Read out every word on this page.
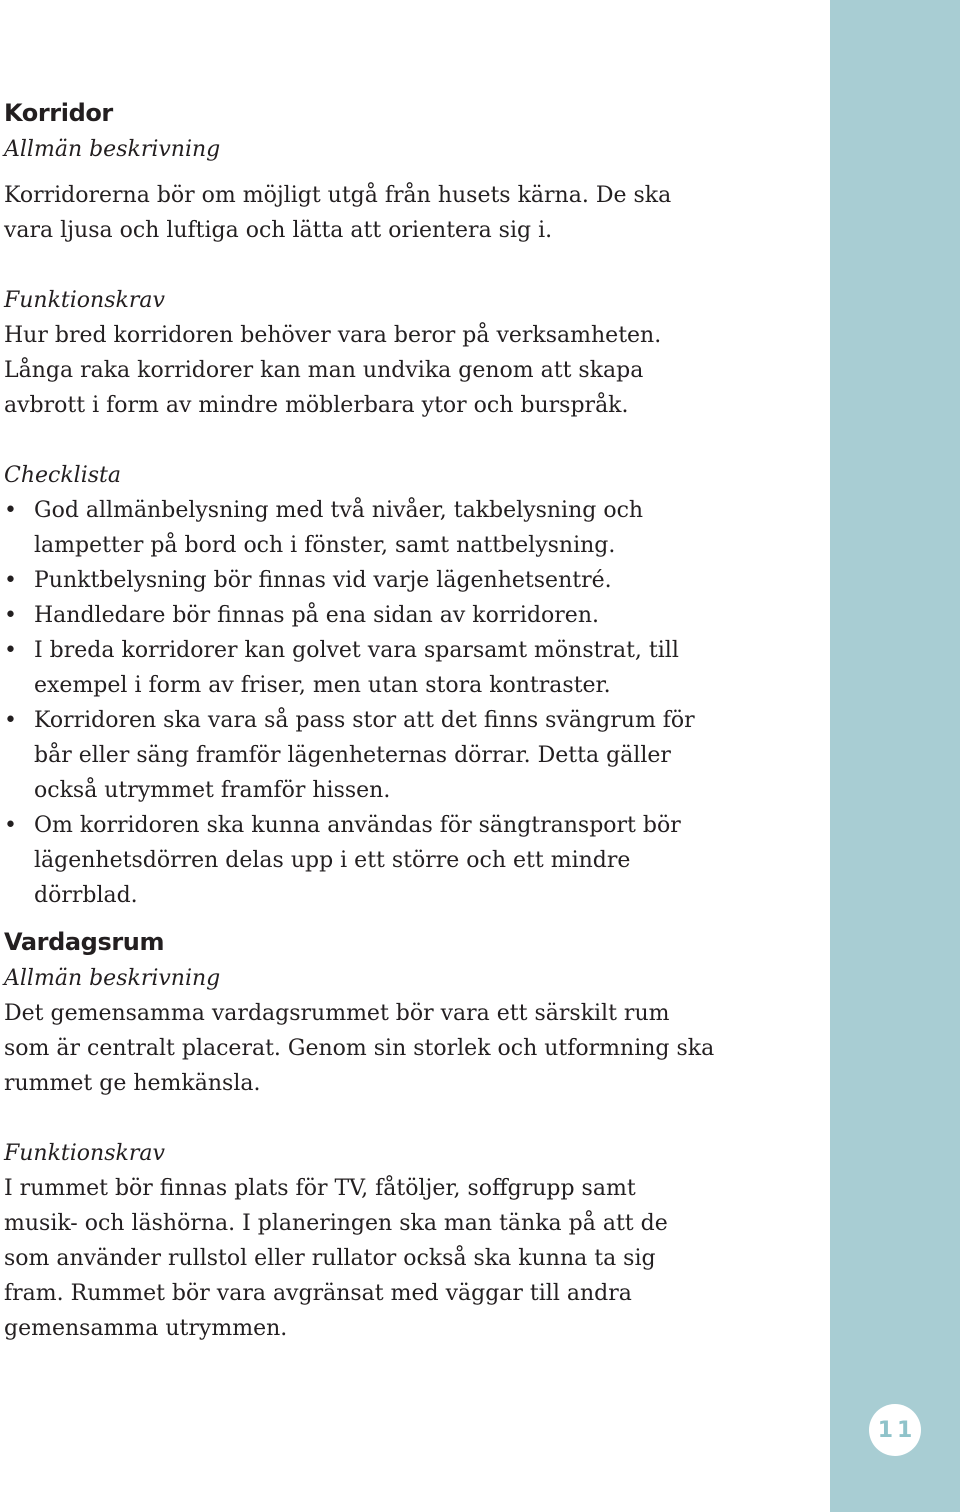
Korridor
Allmän beskrivning

Korridorerna bör om möjligt utgå från husets kärna. De ska
vara ljusa och luftiga och lätta att orientera sig i.

Funktionskrav

Hur bred korridoren behöver vara beror på verksamheten.
Långa raka korridorer kan man undvika genom att skapa
avbrott i form av mindre möblerbara ytor och burspråk.

Checklista
• God allmänbelysning med två nivåer, takbelysning och
lampetter på bord och i fönster, samt nattbelysning.
• Punktbelysning bör finnas vid varje lägenhetsentré.
• Handledare bör finnas på ena sidan av korridoren.
• I breda korridorer kan golvet vara sparsamt mönstrat, till
exempel i form av friser, men utan stora kontraster.
• Korridoren ska vara så pass stor att det finns svängrum för
bår eller säng framför lägenheternas dörrar. Detta gäller
också utrymmet framför hissen.
• Om korridoren ska kunna användas för sängtransport bör
lägenhetsdörren delas upp i ett större och ett mindre
dörrblad.
Vardagsrum
Allmän beskrivning

Det gemensamma vardagsrummet bör vara ett särskilt rum
som är centralt placerat. Genom sin storlek och utformning ska
rummet ge hemkänsla.

Funktionskrav

I rummet bör finnas plats för TV, fåtöljer, soffgrupp samt
musik- och läshörna. I planeringen ska man tänka på att de
som använder rullstol eller rullator också ska kunna ta sig
fram. Rummet bör vara avgränsat med väggar till andra
gemensamma utrymmen.

11
